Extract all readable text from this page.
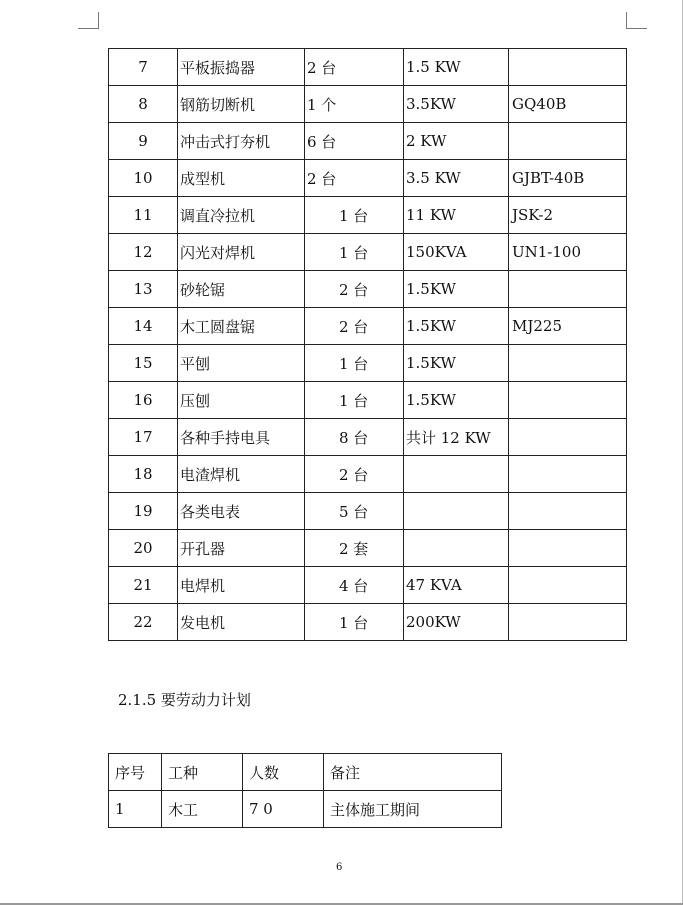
7	平板振捣器	2 台	1.5 KW	
8	钢筋切断机	1 个	3.5KW	GQ40B
9	冲击式打夯机	6 台	2 KW	
10	成型机	2 台	3.5 KW	GJBT-40B
11	调直冷拉机	1 台	11 KW	JSK-2
12	闪光对焊机	1 台	150KVA	UN1-100
13	砂轮锯	2 台	1.5KW	
14	木工圆盘锯	2 台	1.5KW	MJ225
15	平刨	1 台	1.5KW	
16	压刨	1 台	1.5KW	
17	各种手持电具	8 台	共计 12 KW	
18	电渣焊机	2 台		
19	各类电表	5 台		
20	开孔器	2 套		
21	电焊机	4 台	47 KVA	
22	发电机	1 台	200KW	
2.1.5 要劳动力计划
序号	工种	人数	备注
1	木工	7 0	主体施工期间
6
